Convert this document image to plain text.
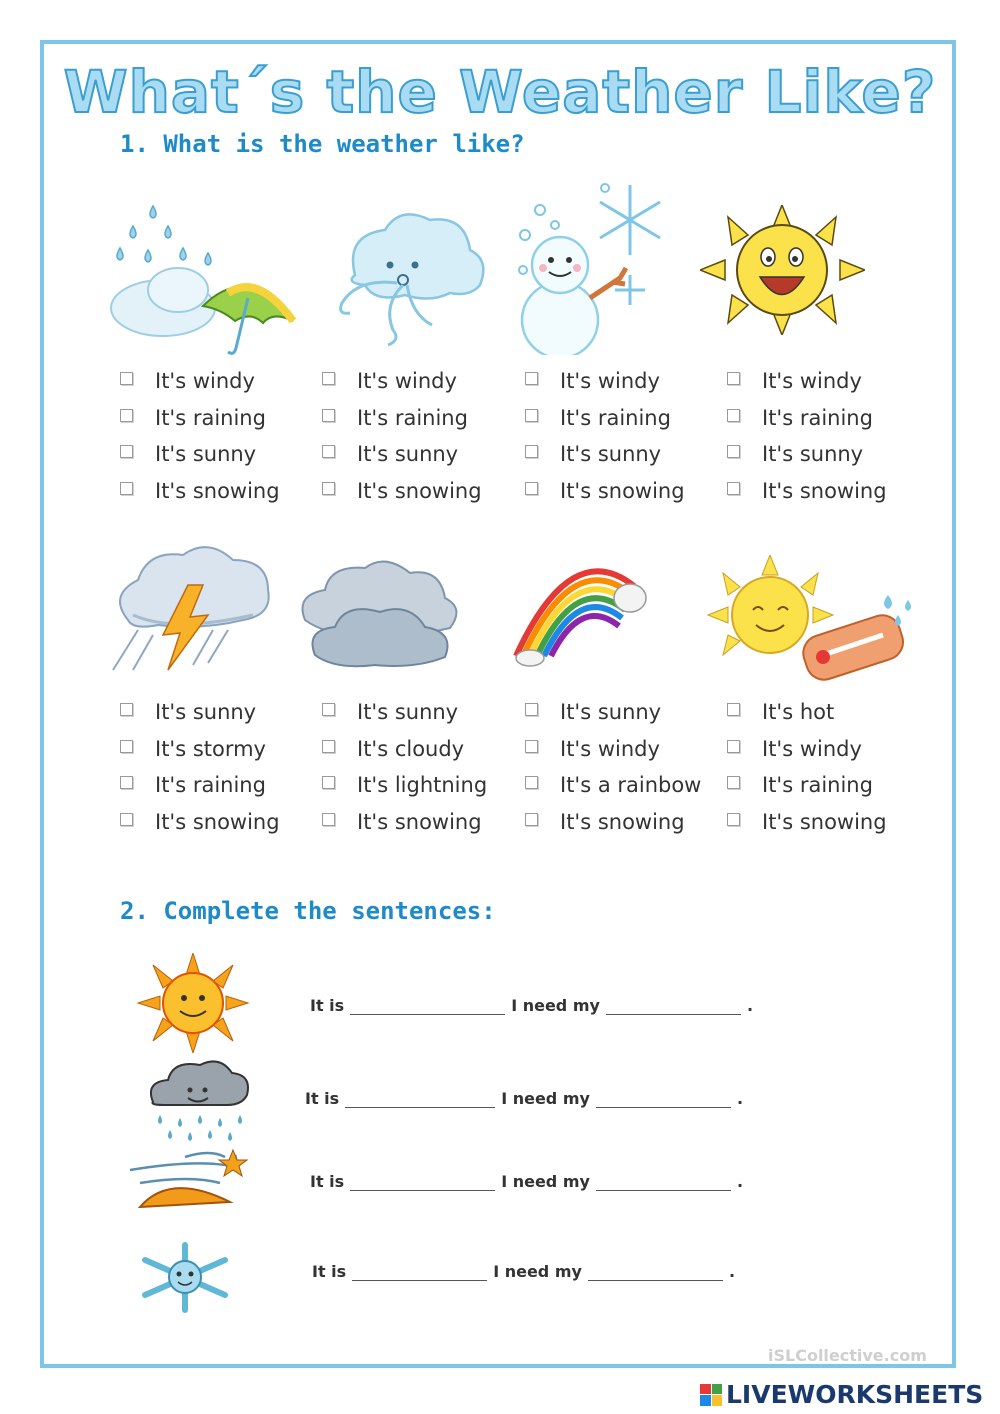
What´s the Weather Like?
1. What is the weather like?
It's windy
It's raining
It's sunny
It's snowing
It's windy
It's raining
It's sunny
It's snowing
It's windy
It's raining
It's sunny
It's snowing
It's windy
It's raining
It's sunny
It's snowing
It's sunny
It's stormy
It's raining
It's snowing
It's sunny
It's cloudy
It's lightning
It's snowing
It's sunny
It's windy
It's a rainbow
It's snowing
It's hot
It's windy
It's raining
It's snowing
2. Complete the sentences:
It is	I need my	.
It is	I need my	.
It is	I need my	.
It is	I need my	.
iSLCollective.com
LIVEWORKSHEETS
